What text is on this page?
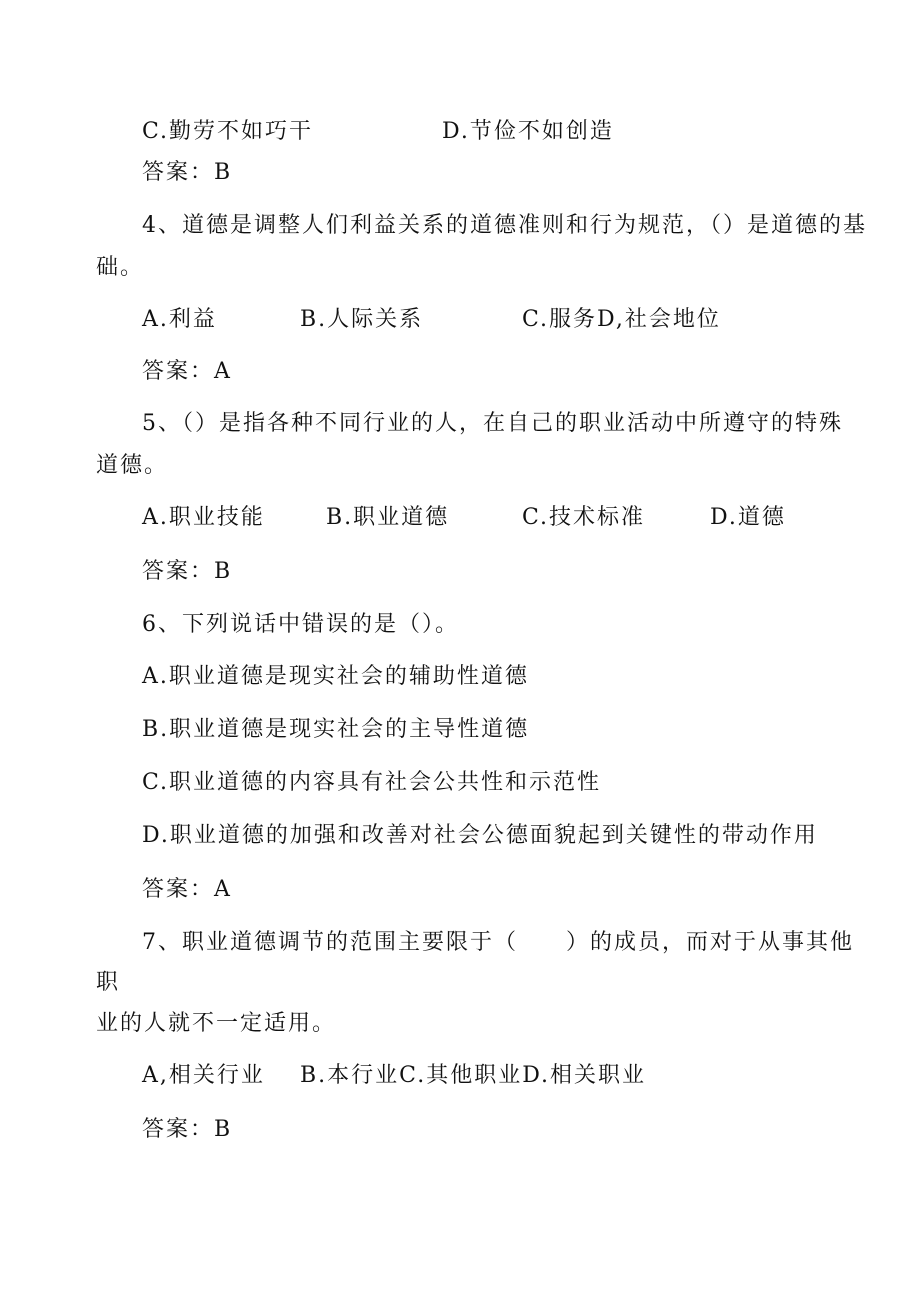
C.勤劳不如巧干	D.节俭不如创造
答案：B
4、道德是调整人们利益关系的道德准则和行为规范，（）是道德的基
础。
A.利益	B.人际关系	C.服务D,社会地位
答案：A
5、（）是指各种不同行业的人，在自己的职业活动中所遵守的特殊
道德。
A.职业技能	B.职业道德	C.技术标准	D.道德
答案：B
6、下列说话中错误的是（）。
A.职业道德是现实社会的辅助性道德
B.职业道德是现实社会的主导性道德
C.职业道德的内容具有社会公共性和示范性
D.职业道德的加强和改善对社会公德面貌起到关键性的带动作用
答案：A
7、职业道德调节的范围主要限于（　　）的成员，而对于从事其他
职
业的人就不一定适用。
A,相关行业 B.本行业C.其他职业D.相关职业
答案：B
